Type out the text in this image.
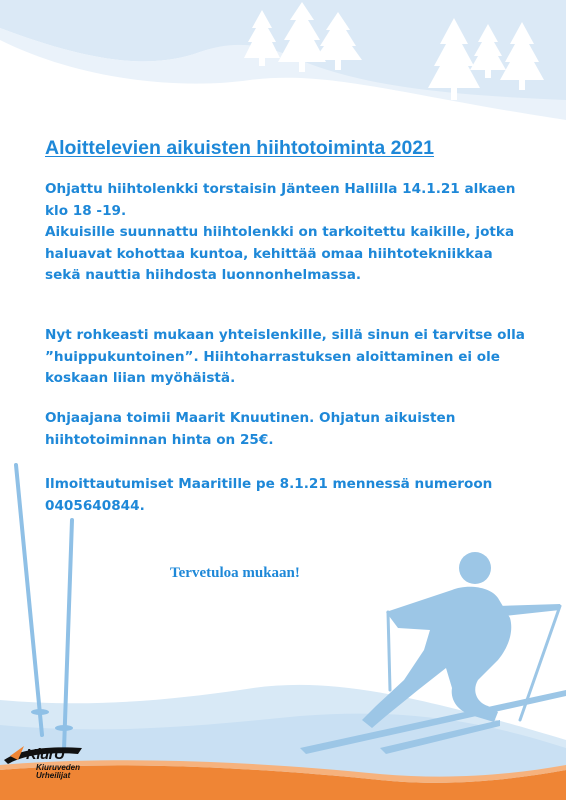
Aloittelevien aikuisten hiihtotoiminta 2021

Ohjattu hiihtolenkki torstaisin Jänteen Hallilla 14.1.21 alkaen klo 18 -19.

Aikuisille suunnattu hiihtolenkki on tarkoitettu kaikille, jotka haluavat kohottaa kuntoa, kehittää omaa hiihtotekniikkaa sekä nauttia hiihdosta luonnonhelmassa.

Nyt rohkeasti mukaan yhteislenkille, sillä sinun ei tarvitse olla ”huippukuntoinen”. Hiihtoharrastuksen aloittaminen ei ole koskaan liian myöhäistä.

Ohjaajana toimii Maarit Knuutinen. Ohjatun aikuisten hiihtotoiminnan hinta on 25€.

Ilmoittautumiset Maaritille pe 8.1.21 mennessä numeroon 0405640844.

Tervetuloa mukaan!

KiurU
Kiuruveden Urheilijat
